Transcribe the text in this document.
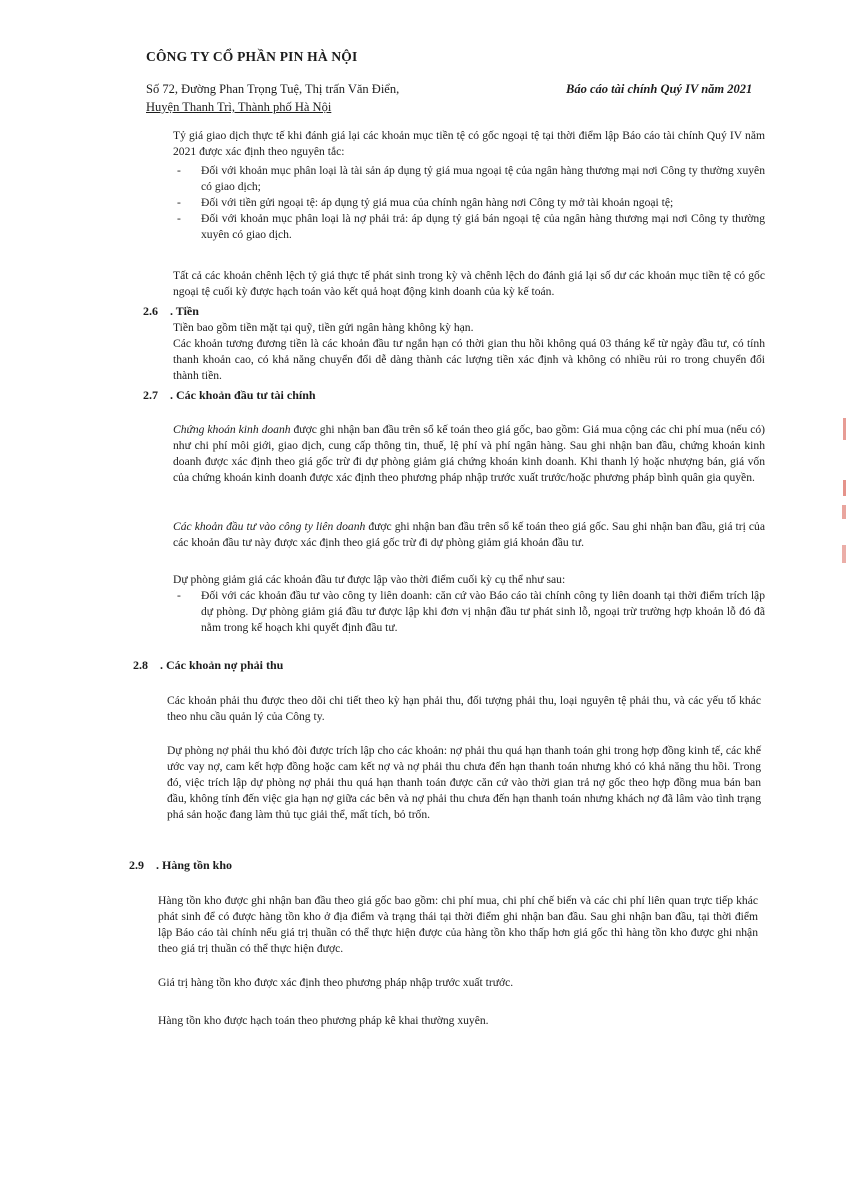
CÔNG TY CỔ PHẦN PIN HÀ NỘI
Số 72, Đường Phan Trọng Tuệ, Thị trấn Văn Điển,
Huyện Thanh Trì, Thành phố Hà Nội
Báo cáo tài chính Quý IV năm 2021

Tỷ giá giao dịch thực tế khi đánh giá lại các khoản mục tiền tệ có gốc ngoại tệ tại thời điểm lập Báo cáo tài chính Quý IV năm 2021 được xác định theo nguyên tắc:

- Đối với khoản mục phân loại là tài sản áp dụng tỷ giá mua ngoại tệ của ngân hàng thương mại nơi Công ty thường xuyên có giao dịch;
- Đối với tiền gửi ngoại tệ: áp dụng tỷ giá mua của chính ngân hàng nơi Công ty mở tài khoản ngoại tệ;
- Đối với khoản mục phân loại là nợ phải trả: áp dụng tỷ giá bán ngoại tệ của ngân hàng thương mại nơi Công ty thường xuyên có giao dịch.

Tất cả các khoản chênh lệch tỷ giá thực tế phát sinh trong kỳ và chênh lệch do đánh giá lại số dư các khoản mục tiền tệ có gốc ngoại tệ cuối kỳ được hạch toán vào kết quả hoạt động kinh doanh của kỳ kế toán.

2.6 . Tiền

Tiền bao gồm tiền mặt tại quỹ, tiền gửi ngân hàng không kỳ hạn.

Các khoản tương đương tiền là các khoản đầu tư ngắn hạn có thời gian thu hồi không quá 03 tháng kể từ ngày đầu tư, có tính thanh khoản cao, có khả năng chuyển đổi dễ dàng thành các lượng tiền xác định và không có nhiều rủi ro trong chuyển đổi thành tiền.

2.7 . Các khoản đầu tư tài chính

Chứng khoán kinh doanh được ghi nhận ban đầu trên sổ kế toán theo giá gốc, bao gồm: Giá mua cộng các chi phí mua (nếu có) như chi phí môi giới, giao dịch, cung cấp thông tin, thuế, lệ phí và phí ngân hàng. Sau ghi nhận ban đầu, chứng khoán kinh doanh được xác định theo giá gốc trừ đi dự phòng giảm giá chứng khoán kinh doanh. Khi thanh lý hoặc nhượng bán, giá vốn của chứng khoán kinh doanh được xác định theo phương pháp nhập trước xuất trước/hoặc phương pháp bình quân gia quyền.

Các khoản đầu tư vào công ty liên doanh được ghi nhận ban đầu trên sổ kế toán theo giá gốc. Sau ghi nhận ban đầu, giá trị của các khoản đầu tư này được xác định theo giá gốc trừ đi dự phòng giảm giá khoản đầu tư.

Dự phòng giảm giá các khoản đầu tư được lập vào thời điểm cuối kỳ cụ thể như sau:

- Đối với các khoản đầu tư vào công ty liên doanh: căn cứ vào Báo cáo tài chính công ty liên doanh tại thời điểm trích lập dự phòng. Dự phòng giảm giá đầu tư được lập khi đơn vị nhận đầu tư phát sinh lỗ, ngoại trừ trường hợp khoản lỗ đó đã nằm trong kế hoạch khi quyết định đầu tư.
2.8 . Các khoản nợ phải thu

Các khoản phải thu được theo dõi chi tiết theo kỳ hạn phải thu, đối tượng phải thu, loại nguyên tệ phải thu, và các yếu tố khác theo nhu cầu quản lý của Công ty.

Dự phòng nợ phải thu khó đòi được trích lập cho các khoản: nợ phải thu quá hạn thanh toán ghi trong hợp đồng kinh tế, các khế ước vay nợ, cam kết hợp đồng hoặc cam kết nợ và nợ phải thu chưa đến hạn thanh toán nhưng khó có khả năng thu hồi. Trong đó, việc trích lập dự phòng nợ phải thu quá hạn thanh toán được căn cứ vào thời gian trả nợ gốc theo hợp đồng mua bán ban đầu, không tính đến việc gia hạn nợ giữa các bên và nợ phải thu chưa đến hạn thanh toán nhưng khách nợ đã lâm vào tình trạng phá sản hoặc đang làm thủ tục giải thể, mất tích, bỏ trốn.

2.9 . Hàng tồn kho

Hàng tồn kho được ghi nhận ban đầu theo giá gốc bao gồm: chi phí mua, chi phí chế biến và các chi phí liên quan trực tiếp khác phát sinh để có được hàng tồn kho ở địa điểm và trạng thái tại thời điểm ghi nhận ban đầu. Sau ghi nhận ban đầu, tại thời điểm lập Báo cáo tài chính nếu giá trị thuần có thể thực hiện được của hàng tồn kho thấp hơn giá gốc thì hàng tồn kho được ghi nhận theo giá trị thuần có thể thực hiện được.

Giá trị hàng tồn kho được xác định theo phương pháp nhập trước xuất trước.

Hàng tồn kho được hạch toán theo phương pháp kê khai thường xuyên.
